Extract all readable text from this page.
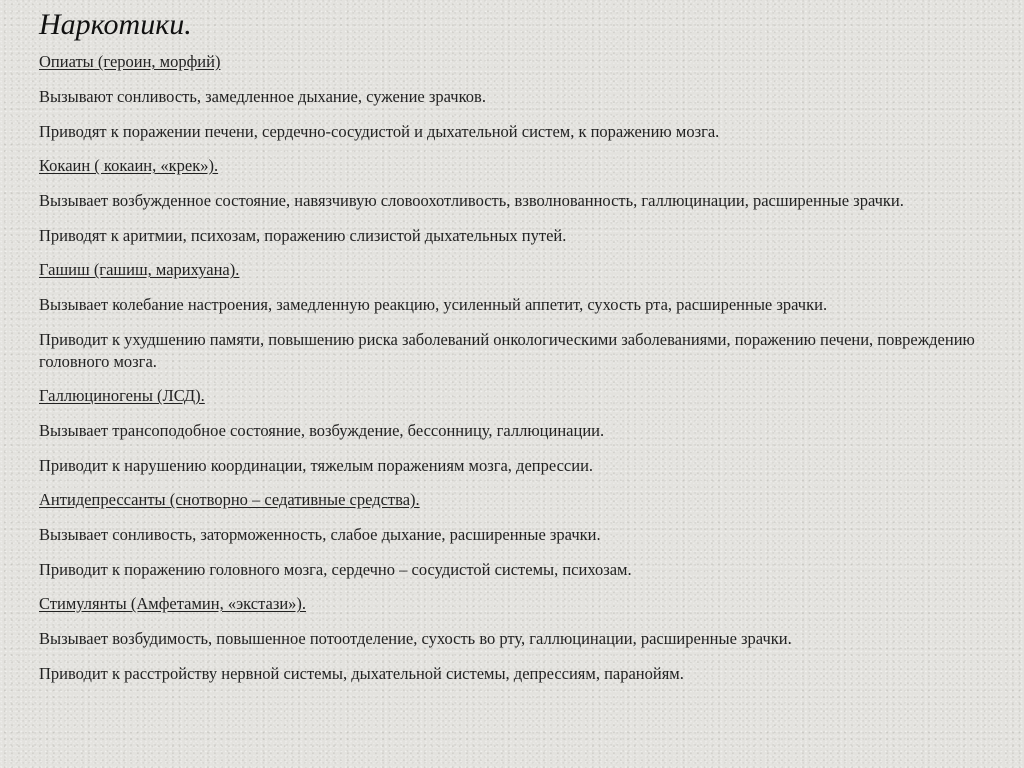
Наркотики.
Опиаты (героин, морфий)
Вызывают сонливость, замедленное дыхание, сужение зрачков.
Приводят к поражении печени, сердечно-сосудистой и дыхательной систем, к поражению мозга.
Кокаин ( кокаин, «крек»).
Вызывает возбужденное состояние, навязчивую словоохотливость, взволнованность, галлюцинации, расширенные зрачки.
Приводят к аритмии, психозам, поражению слизистой дыхательных путей.
Гашиш (гашиш, марихуана).
Вызывает колебание настроения, замедленную реакцию, усиленный аппетит, сухость рта, расширенные зрачки.
Приводит к ухудшению памяти, повышению риска заболеваний онкологическими заболеваниями, поражению печени, повреждению головного мозга.
Галлюциногены (ЛСД).
Вызывает трансоподобное состояние, возбуждение, бессонницу, галлюцинации.
Приводит к нарушению координации, тяжелым поражениям мозга, депрессии.
Антидепрессанты (снотворно – седативные средства).
Вызывает сонливость, заторможенность, слабое дыхание, расширенные зрачки.
Приводит к поражению головного мозга, сердечно – сосудистой системы, психозам.
Стимулянты (Амфетамин, «экстази»).
Вызывает возбудимость, повышенное потоотделение, сухость во рту, галлюцинации, расширенные зрачки.
Приводит к расстройству нервной системы, дыхательной системы, депрессиям, паранойям.
